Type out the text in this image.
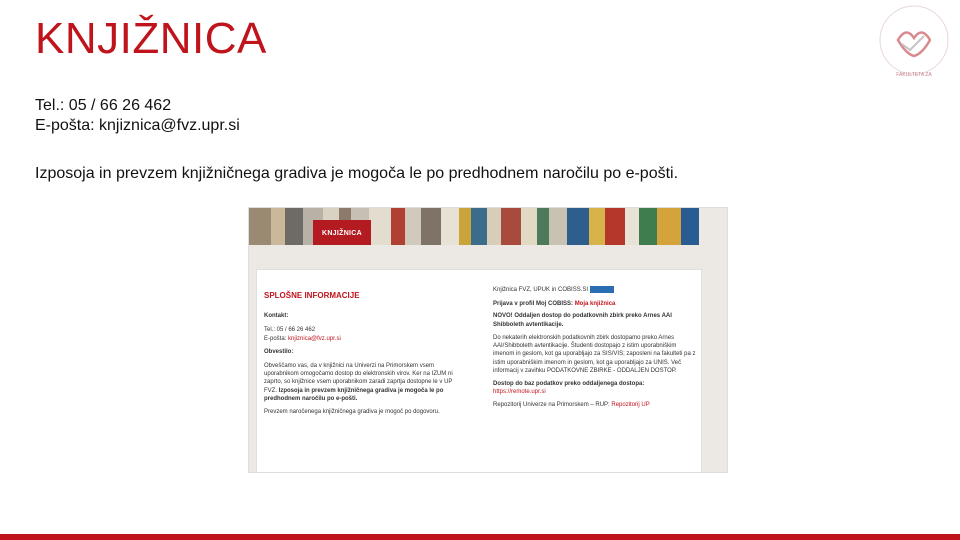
KNJIŽNICA
FAKULTETA ZA
Tel.: 05 / 66 26 462
E-pošta: knjiznica@fvz.upr.si
Izposoja in prevzem knjižničnega gradiva je mogoča le po predhodnem naročilu po e-pošti.
KNJIŽNICA
SPLOŠNE INFORMACIJE
Kontakt:
Tel.: 05 / 66 26 462
E-pošta: knjiznica@fvz.upr.si
Obvestilo:

Obveščamo vas, da v knjižnici na Univerzi na Primorskem vsem uporabnikom omogočamo dostop do elektronskih virov. Ker na IZUM ni zaprto, so knjižnice vsem uporabnikom zaradi zaprtja dostopne le v UP FVZ. Izposoja in prevzem knjižničnega gradiva je mogoča le po predhodnem naročilu po e-pošti.

Prevzem naročenega knjižničnega gradiva je mogoč po dogovoru.

Knjižnica FVZ, UPUK in COBISS.SI
Prijava v profil Moj COBISS: Moja knjižnica

NOVO! Oddaljen dostop do podatkovnih zbirk preko Arnes AAI Shibboleth avtentikacije.

Do nekaterih elektronskih podatkovnih zbirk dostopamo preko Arnes AAI/Shibboleth avtentikacije. Študenti dostopajo z istim uporabniškim imenom in geslom, kot ga uporabljajo za SIS/VIS; zaposleni na fakulteti pa z istim uporabniškim imenom in geslom, kot ga uporabljajo za UNIS. Več informacij v zavihku PODATKOVNE ZBIRKE - ODDALJEN DOSTOP.

Dostop do baz podatkov preko oddaljenega dostopa:
https://remote.upr.si
Repozitorij Univerze na Primorskem – RUP: Repozitorij UP
